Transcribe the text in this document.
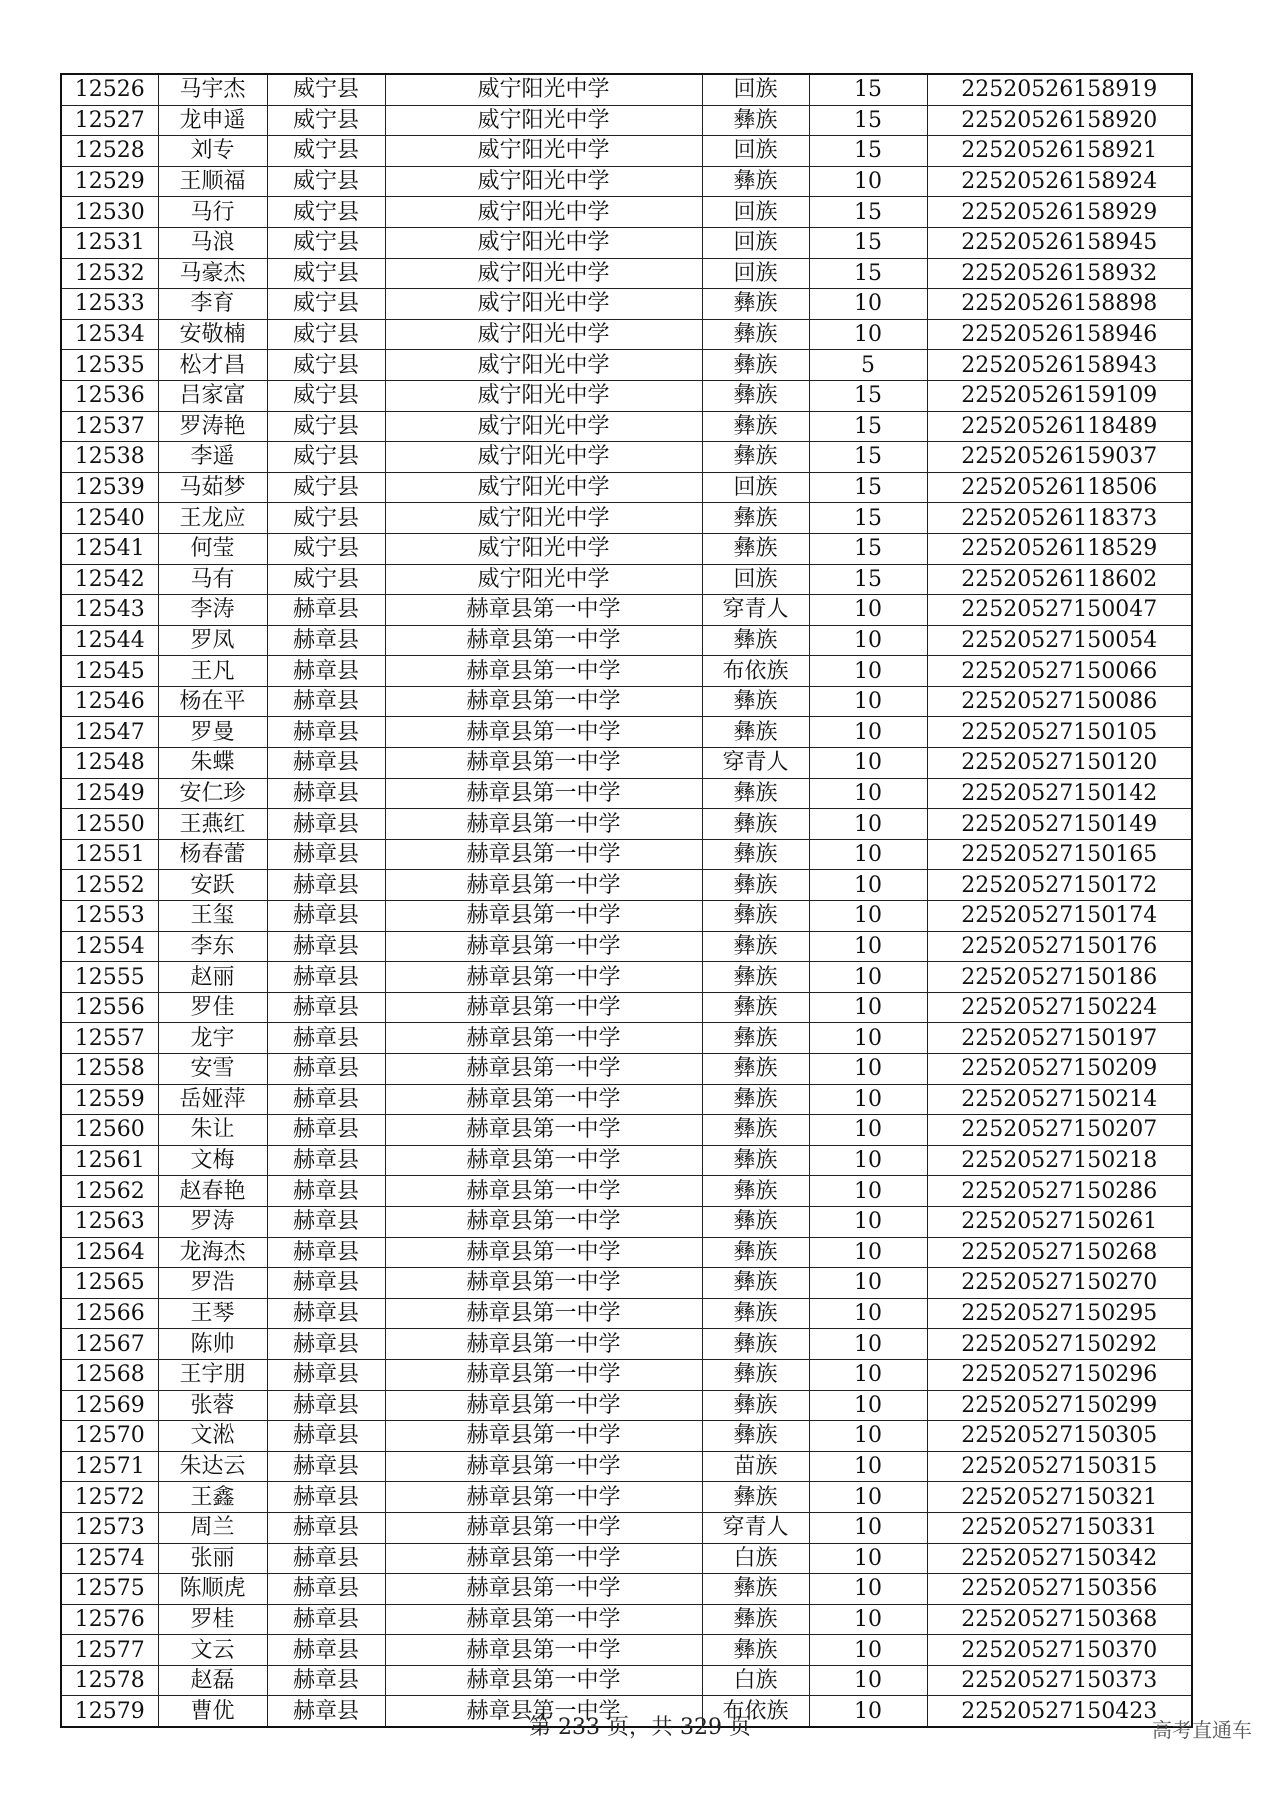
12526	马宇杰	威宁县	威宁阳光中学	回族	15	22520526158919
12527	龙申遥	威宁县	威宁阳光中学	彝族	15	22520526158920
12528	刘专	威宁县	威宁阳光中学	回族	15	22520526158921
12529	王顺福	威宁县	威宁阳光中学	彝族	10	22520526158924
12530	马行	威宁县	威宁阳光中学	回族	15	22520526158929
12531	马浪	威宁县	威宁阳光中学	回族	15	22520526158945
12532	马豪杰	威宁县	威宁阳光中学	回族	15	22520526158932
12533	李育	威宁县	威宁阳光中学	彝族	10	22520526158898
12534	安敬楠	威宁县	威宁阳光中学	彝族	10	22520526158946
12535	松才昌	威宁县	威宁阳光中学	彝族	5	22520526158943
12536	吕家富	威宁县	威宁阳光中学	彝族	15	22520526159109
12537	罗涛艳	威宁县	威宁阳光中学	彝族	15	22520526118489
12538	李遥	威宁县	威宁阳光中学	彝族	15	22520526159037
12539	马茹梦	威宁县	威宁阳光中学	回族	15	22520526118506
12540	王龙应	威宁县	威宁阳光中学	彝族	15	22520526118373
12541	何莹	威宁县	威宁阳光中学	彝族	15	22520526118529
12542	马有	威宁县	威宁阳光中学	回族	15	22520526118602
12543	李涛	赫章县	赫章县第一中学	穿青人	10	22520527150047
12544	罗凤	赫章县	赫章县第一中学	彝族	10	22520527150054
12545	王凡	赫章县	赫章县第一中学	布依族	10	22520527150066
12546	杨在平	赫章县	赫章县第一中学	彝族	10	22520527150086
12547	罗曼	赫章县	赫章县第一中学	彝族	10	22520527150105
12548	朱蝶	赫章县	赫章县第一中学	穿青人	10	22520527150120
12549	安仁珍	赫章县	赫章县第一中学	彝族	10	22520527150142
12550	王燕红	赫章县	赫章县第一中学	彝族	10	22520527150149
12551	杨春蕾	赫章县	赫章县第一中学	彝族	10	22520527150165
12552	安跃	赫章县	赫章县第一中学	彝族	10	22520527150172
12553	王玺	赫章县	赫章县第一中学	彝族	10	22520527150174
12554	李东	赫章县	赫章县第一中学	彝族	10	22520527150176
12555	赵丽	赫章县	赫章县第一中学	彝族	10	22520527150186
12556	罗佳	赫章县	赫章县第一中学	彝族	10	22520527150224
12557	龙宇	赫章县	赫章县第一中学	彝族	10	22520527150197
12558	安雪	赫章县	赫章县第一中学	彝族	10	22520527150209
12559	岳娅萍	赫章县	赫章县第一中学	彝族	10	22520527150214
12560	朱让	赫章县	赫章县第一中学	彝族	10	22520527150207
12561	文梅	赫章县	赫章县第一中学	彝族	10	22520527150218
12562	赵春艳	赫章县	赫章县第一中学	彝族	10	22520527150286
12563	罗涛	赫章县	赫章县第一中学	彝族	10	22520527150261
12564	龙海杰	赫章县	赫章县第一中学	彝族	10	22520527150268
12565	罗浩	赫章县	赫章县第一中学	彝族	10	22520527150270
12566	王琴	赫章县	赫章县第一中学	彝族	10	22520527150295
12567	陈帅	赫章县	赫章县第一中学	彝族	10	22520527150292
12568	王宇朋	赫章县	赫章县第一中学	彝族	10	22520527150296
12569	张蓉	赫章县	赫章县第一中学	彝族	10	22520527150299
12570	文淞	赫章县	赫章县第一中学	彝族	10	22520527150305
12571	朱达云	赫章县	赫章县第一中学	苗族	10	22520527150315
12572	王鑫	赫章县	赫章县第一中学	彝族	10	22520527150321
12573	周兰	赫章县	赫章县第一中学	穿青人	10	22520527150331
12574	张丽	赫章县	赫章县第一中学	白族	10	22520527150342
12575	陈顺虎	赫章县	赫章县第一中学	彝族	10	22520527150356
12576	罗桂	赫章县	赫章县第一中学	彝族	10	22520527150368
12577	文云	赫章县	赫章县第一中学	彝族	10	22520527150370
12578	赵磊	赫章县	赫章县第一中学	白族	10	22520527150373
12579	曹优	赫章县	赫章县第一中学	布依族	10	22520527150423
第 233 页，共 329 页	高考直通车
